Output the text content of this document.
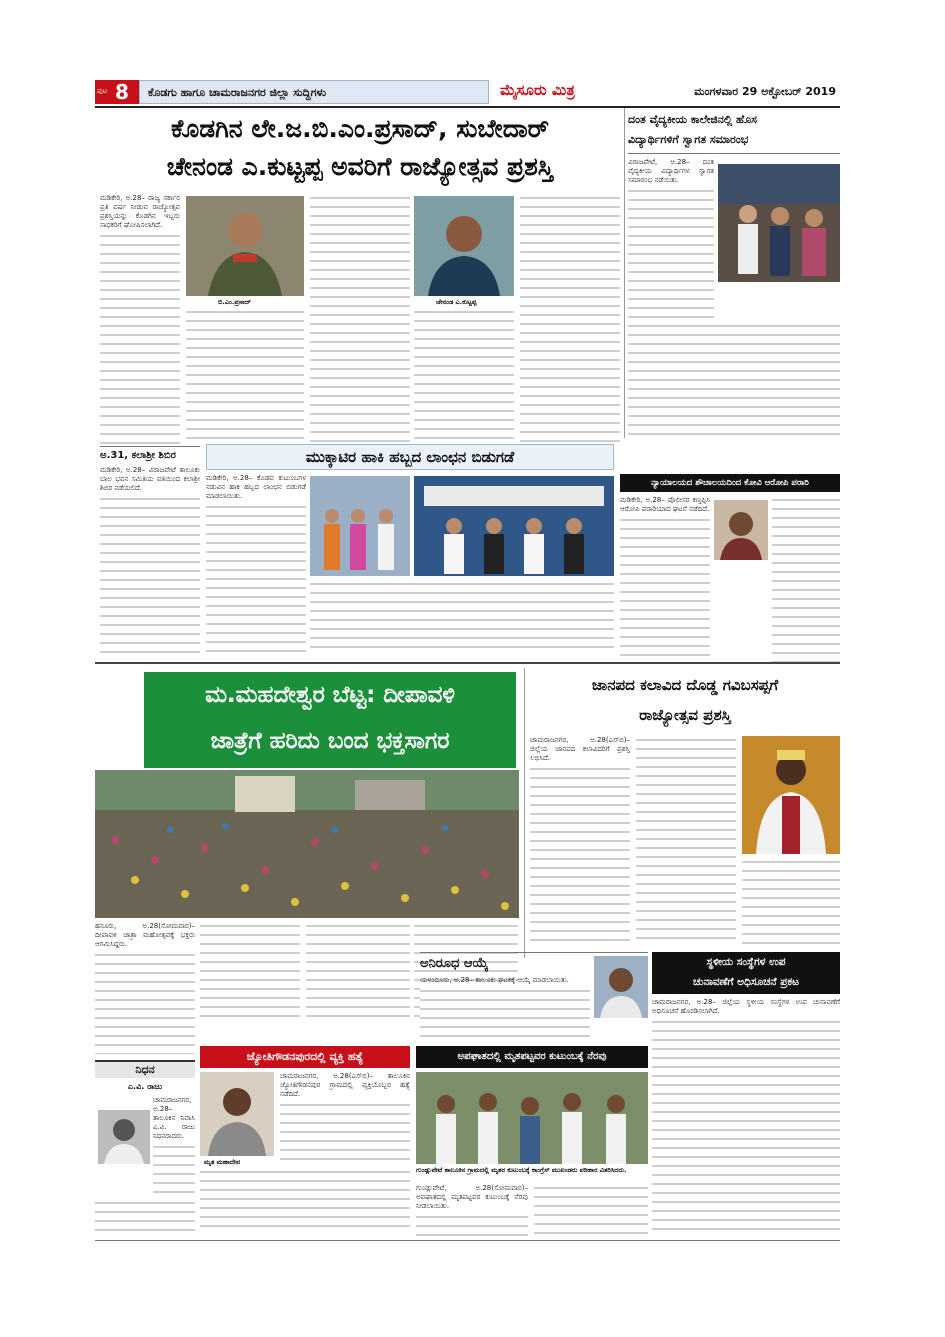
ಪುಟ 8 ಕೊಡಗು ಹಾಗೂ ಚಾಮರಾಜನಗರ ಜಿಲ್ಲಾ ಸುದ್ದಿಗಳು	ಮೈಸೂರು ಮಿತ್ರ	ಮಂಗಳವಾರ 29 ಅಕ್ಟೋಬರ್ 2019
ಕೊಡಗಿನ ಲೇ.ಜ.ಬಿ.ಎಂ.ಪ್ರಸಾದ್, ಸುಬೇದಾರ್
ಚೇನಂಡ ಎ.ಕುಟ್ಟಪ್ಪ ಅವರಿಗೆ ರಾಜ್ಯೋತ್ಸವ ಪ್ರಶಸ್ತಿ

ಮಡಿಕೇರಿ, ಅ.28– ರಾಜ್ಯ ಸರ್ಕಾರ ಪ್ರತಿ ವರ್ಷ ನೀಡುವ ರಾಜ್ಯೋತ್ಸವ ಪ್ರಶಸ್ತಿಯನ್ನು ಕೊಡಗಿನ ಇಬ್ಬರು ಸಾಧಕರಿಗೆ ಘೋಷಿಸಲಾಗಿದೆ.

ಬಿ.ಎಂ.ಪ್ರಸಾದ್	ಚೇನಂಡ ಎ.ಕುಟ್ಟಪ್ಪ
ದಂತ ವೈದ್ಯಕೀಯ ಕಾಲೇಜಿನಲ್ಲಿ ಹೊಸ
ವಿದ್ಯಾರ್ಥಿಗಳಿಗೆ ಸ್ವಾಗತ ಸಮಾರಂಭ

ವಿರಾಜಪೇಟೆ, ಅ.28– ದಂತ ವೈದ್ಯಕೀಯ ವಿದ್ಯಾರ್ಥಿಗಳ ಸ್ವಾಗತ ಸಮಾರಂಭ ನಡೆಯಿತು.

ಅ.31, ಕಲಾಶ್ರೀ ಶಿಬಿರ

ಮಡಿಕೇರಿ, ಅ.28– ವಿರಾಜಪೇಟೆ ತಾಲೂಕು ಬಾಲ ಭವನ ಸಮಿತಿಯ ವತಿಯಿಂದ ಕಲಾಶ್ರೀ ಶಿಬಿರ ನಡೆಯಲಿದೆ.

ಮುಕ್ಕಾಟಿರ ಹಾಕಿ ಹಬ್ಬದ ಲಾಂಛನ ಬಿಡುಗಡೆ

ಮಡಿಕೇರಿ, ಅ.28– ಕೊಡವ ಕುಟುಂಬಗಳ ನಡುವಿನ ಹಾಕಿ ಹಬ್ಬದ ಲಾಂಛನ ಬಿಡುಗಡೆ ಮಾಡಲಾಯಿತು.

ನ್ಯಾಯಾಲಯದ ಶೌಚಾಲಯದಿಂದ ಕೋವಿ ಆರೋಪಿ ಪರಾರಿ

ಮಡಿಕೇರಿ, ಅ.28– ಪೊಲೀಸರ ಕಣ್ತಪ್ಪಿಸಿ ಆರೋಪಿ ಪರಾರಿಯಾದ ಘಟನೆ ನಡೆದಿದೆ.

ಮ.ಮಹದೇಶ್ವರ ಬೆಟ್ಟ: ದೀಪಾವಳಿ
ಜಾತ್ರೆಗೆ ಹರಿದು ಬಂದ ಭಕ್ತಸಾಗರ

ಹನೂರು, ಅ.28(ಸೋಮವಾರ)– ದೀಪಾವಳಿ ಜಾತ್ರಾ ಮಹೋತ್ಸವಕ್ಕೆ ಭಕ್ತರು ಆಗಮಿಸಿದ್ದರು.

ಜಾನಪದ ಕಲಾವಿದ ದೊಡ್ಡ ಗವಿಬಸಪ್ಪಗೆ
ರಾಜ್ಯೋತ್ಸವ ಪ್ರಶಸ್ತಿ

ಚಾಮರಾಜನಗರ, ಅ.28(ಎಸ್‌ಬಿ)– ಜಿಲ್ಲೆಯ ಜಾನಪದ ಕಲಾವಿದರಿಗೆ ಪ್ರಶಸ್ತಿ ಲಭಿಸಿದೆ.

ಅನಿರೂಧ ಆಯ್ಕೆ

ಯಳಂದೂರು, ಅ.28– ತಾಲೂಕು ಘಟಕಕ್ಕೆ ಆಯ್ಕೆ ಮಾಡಲಾಯಿತು.

ಸ್ಥಳೀಯ ಸಂಸ್ಥೆಗಳ ಉಪ
ಚುನಾವಣೆಗೆ ಅಧಿಸೂಚನೆ ಪ್ರಕಟ

ಚಾಮರಾಜನಗರ, ಅ.28– ಜಿಲ್ಲೆಯ ಸ್ಥಳೀಯ ಸಂಸ್ಥೆಗಳ ಉಪ ಚುನಾವಣೆಗೆ ಅಧಿಸೂಚನೆ ಹೊರಡಿಸಲಾಗಿದೆ.

ನಿಧನ
ಎ.ವಿ. ರಾಜು

ಚಾಮರಾಜನಗರ, ಅ.28– ತಾಲೂಕಿನ ನಿವಾಸಿ ಎ.ವಿ. ರಾಜು ನಿಧನರಾದರು.

ಜ್ಯೋತಿಗೌಡನಪುರದಲ್ಲಿ ವ್ಯಕ್ತಿ ಹತ್ಯೆ
ಮೃತ ಮಹಾದೇವ

ಚಾಮರಾಜನಗರ, ಅ.28(ಎಸ್‌ಬಿ)– ತಾಲೂಕಿನ ಜ್ಯೋತಿಗೌಡನಪುರ ಗ್ರಾಮದಲ್ಲಿ ವ್ಯಕ್ತಿಯೊಬ್ಬರ ಹತ್ಯೆ ನಡೆದಿದೆ.

ಅಪಘಾತದಲ್ಲಿ ಮೃತಪಟ್ಟವರ ಕುಟುಂಬಕ್ಕೆ ನೆರವು
ಗುಂಡ್ಲುಪೇಟೆ ತಾಲೂಕಿನ ಗ್ರಾಮದಲ್ಲಿ ಮೃತರ ಕುಟುಂಬಕ್ಕೆ ಕಾಂಗ್ರೆಸ್ ಮುಖಂಡರು ಪರಿಹಾರ ವಿತರಿಸಿದರು.

ಗುಂಡ್ಲುಪೇಟೆ, ಅ.28(ಸೋಮವಾರ)– ಅಪಘಾತದಲ್ಲಿ ಮೃತಪಟ್ಟವರ ಕುಟುಂಬಕ್ಕೆ ನೆರವು ನೀಡಲಾಯಿತು.
